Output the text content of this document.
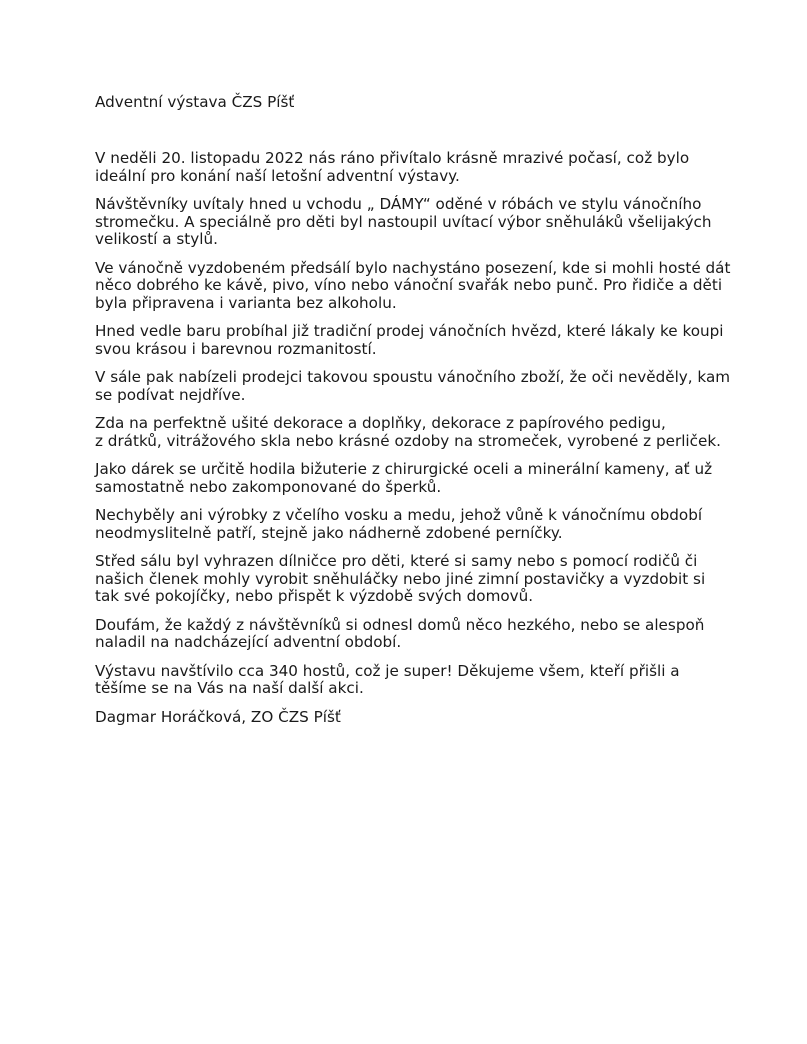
Adventní výstava ČZS Píšť

V neděli 20. listopadu 2022 nás ráno přivítalo krásně mrazivé počasí, což bylo
ideální pro konání naší letošní adventní výstavy.

Návštěvníky uvítaly hned u vchodu „ DÁMY“ oděné v róbách ve stylu vánočního
stromečku. A speciálně pro děti byl nastoupil uvítací výbor sněhuláků všelijakých
velikostí a stylů.

Ve vánočně vyzdobeném předsálí bylo nachystáno posezení, kde si mohli hosté dát
něco dobrého ke kávě, pivo, víno nebo vánoční svařák nebo punč. Pro řidiče a děti
byla připravena i varianta bez alkoholu.

Hned vedle baru probíhal již tradiční prodej vánočních hvězd, které lákaly ke koupi
svou krásou i barevnou rozmanitostí.

V sále pak nabízeli prodejci takovou spoustu vánočního zboží, že oči nevěděly, kam
se podívat nejdříve.

Zda na perfektně ušité dekorace a doplňky, dekorace z papírového pedigu,
z drátků, vitrážového skla nebo krásné ozdoby na stromeček, vyrobené z perliček.

Jako dárek se určitě hodila bižuterie z chirurgické oceli a minerální kameny, ať už
samostatně nebo zakomponované do šperků.

Nechyběly ani výrobky z včelího vosku a medu, jehož vůně k vánočnímu období
neodmyslitelně patří, stejně jako nádherně zdobené perníčky.

Střed sálu byl vyhrazen dílničce pro děti, které si samy nebo s pomocí rodičů či
našich členek mohly vyrobit sněhuláčky nebo jiné zimní postavičky a vyzdobit si
tak své pokojíčky, nebo přispět k výzdobě svých domovů.

Doufám, že každý z návštěvníků si odnesl domů něco hezkého, nebo se alespoň
naladil na nadcházející adventní období.

Výstavu navštívilo cca 340 hostů, což je super! Děkujeme všem, kteří přišli a
těšíme se na Vás na naší další akci.

Dagmar Horáčková, ZO ČZS Píšť
